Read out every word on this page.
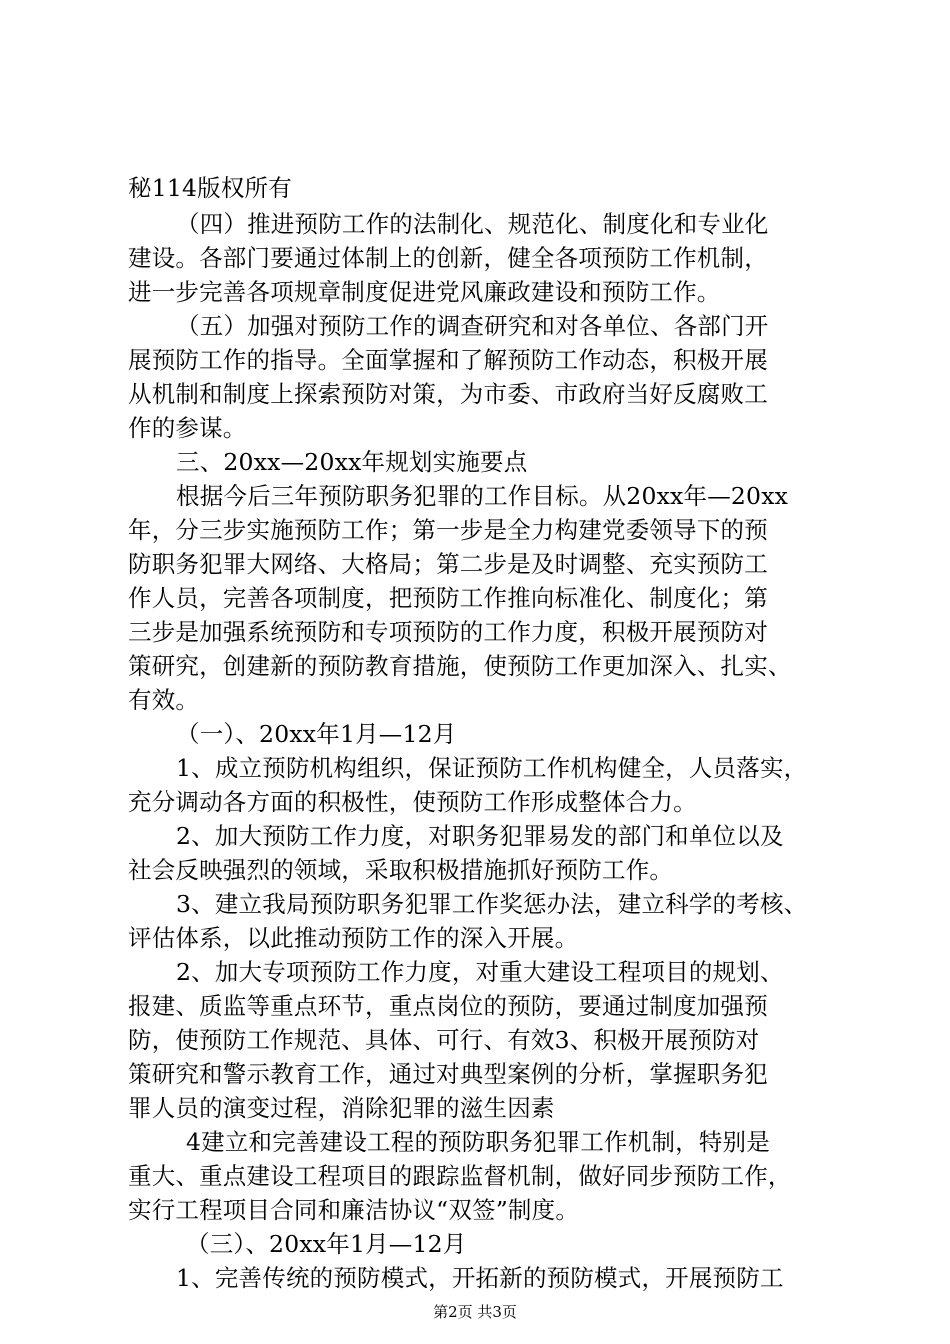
秘114版权所有
（四）推进预防工作的法制化、规范化、制度化和专业化
建设。各部门要通过体制上的创新，健全各项预防工作机制，
进一步完善各项规章制度促进党风廉政建设和预防工作。
（五）加强对预防工作的调查研究和对各单位、各部门开
展预防工作的指导。全面掌握和了解预防工作动态，积极开展
从机制和制度上探索预防对策，为市委、市政府当好反腐败工
作的参谋。
三、20xx—20xx年规划实施要点
根据今后三年预防职务犯罪的工作目标。从20xx年—20xx
年，分三步实施预防工作；第一步是全力构建党委领导下的预
防职务犯罪大网络、大格局；第二步是及时调整、充实预防工
作人员，完善各项制度，把预防工作推向标准化、制度化；第
三步是加强系统预防和专项预防的工作力度，积极开展预防对
策研究，创建新的预防教育措施，使预防工作更加深入、扎实、
有效。
（一）、20xx年1月—12月
1、成立预防机构组织，保证预防工作机构健全，人员落实，
充分调动各方面的积极性，使预防工作形成整体合力。
2、加大预防工作力度，对职务犯罪易发的部门和单位以及
社会反映强烈的领域，采取积极措施抓好预防工作。
3、建立我局预防职务犯罪工作奖惩办法，建立科学的考核、
评估体系，以此推动预防工作的深入开展。
2、加大专项预防工作力度，对重大建设工程项目的规划、
报建、质监等重点环节，重点岗位的预防，要通过制度加强预
防，使预防工作规范、具体、可行、有效3、积极开展预防对
策研究和警示教育工作，通过对典型案例的分析，掌握职务犯
罪人员的演变过程，消除犯罪的滋生因素
4建立和完善建设工程的预防职务犯罪工作机制，特别是
重大、重点建设工程项目的跟踪监督机制，做好同步预防工作，
实行工程项目合同和廉洁协议“双签”制度。
（三）、20xx年1月—12月
1、完善传统的预防模式，开拓新的预防模式，开展预防工
第2页 共3页
